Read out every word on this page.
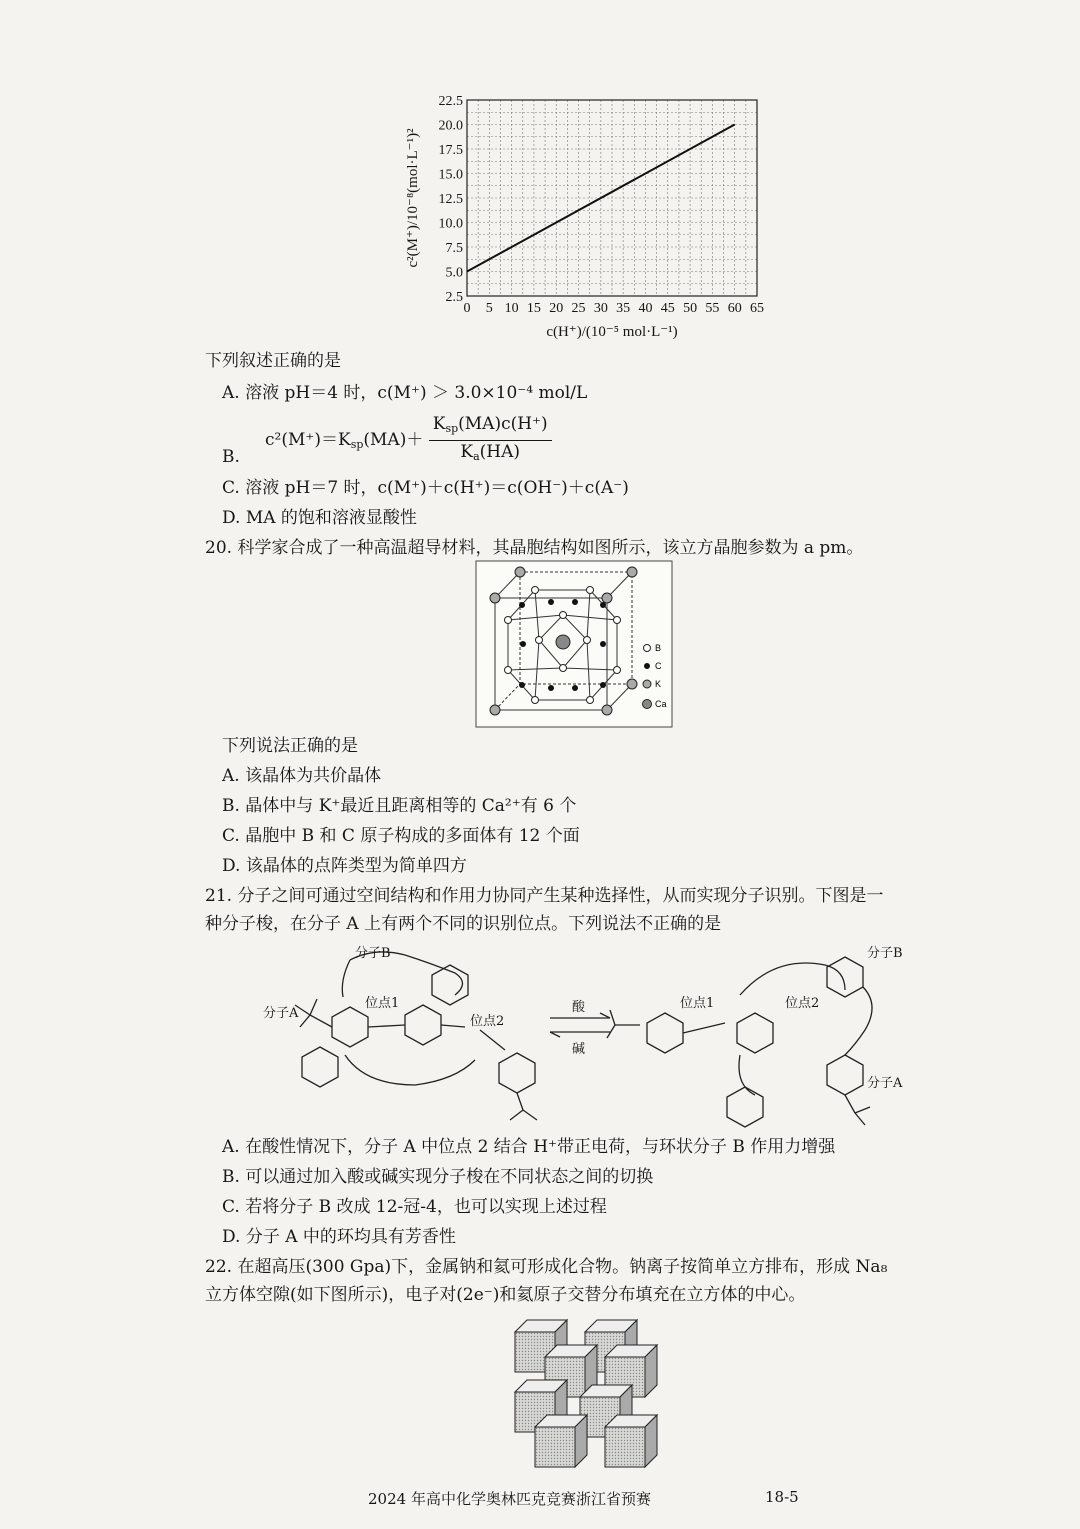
0 5 10 15 20 25 30 35 40 45 50 55 60 65
2.5
5.0
7.5
10.0
12.5
15.0
17.5
20.0
22.5
c(H⁺)/(10⁻⁵ mol·L⁻¹)
c²(M⁺)/10⁻⁸(mol·L⁻¹)²
下列叙述正确的是
A. 溶液 pH＝4 时，c(M⁺) ＞ 3.0×10⁻⁴ mol/L
B.
$c^2(M^+)=K_{sp}(MA)+ \frac{K_{sp}(MA)c(H^+)}{K_a(HA)}$
C. 溶液 pH＝7 时，c(M⁺)＋c(H⁺)＝c(OH⁻)＋c(A⁻)
D. MA 的饱和溶液显酸性
20. 科学家合成了一种高温超导材料，其晶胞结构如图所示，该立方晶胞参数为 a pm。
B
C
K
Ca
下列说法正确的是
A. 该晶体为共价晶体
B. 晶体中与 K⁺最近且距离相等的 Ca²⁺有 6 个
C. 晶胞中 B 和 C 原子构成的多面体有 12 个面
D. 该晶体的点阵类型为简单四方
21. 分子之间可通过空间结构和作用力协同产生某种选择性，从而实现分子识别。下图是一
种分子梭，在分子 A 上有两个不同的识别位点。下列说法不正确的是
分子B
分子A
位点1
位点2
酸
碱
位点1	位点2
分子B
分子A
A. 在酸性情况下，分子 A 中位点 2 结合 H⁺带正电荷，与环状分子 B 作用力增强
B. 可以通过加入酸或碱实现分子梭在不同状态之间的切换
C. 若将分子 B 改成 12-冠-4，也可以实现上述过程
D. 分子 A 中的环均具有芳香性
22. 在超高压(300 Gpa)下，金属钠和氦可形成化合物。钠离子按简单立方排布，形成 Na₈
立方体空隙(如下图所示)，电子对(2e⁻)和氦原子交替分布填充在立方体的中心。
2024 年高中化学奥林匹克竞赛浙江省预赛	18-5
